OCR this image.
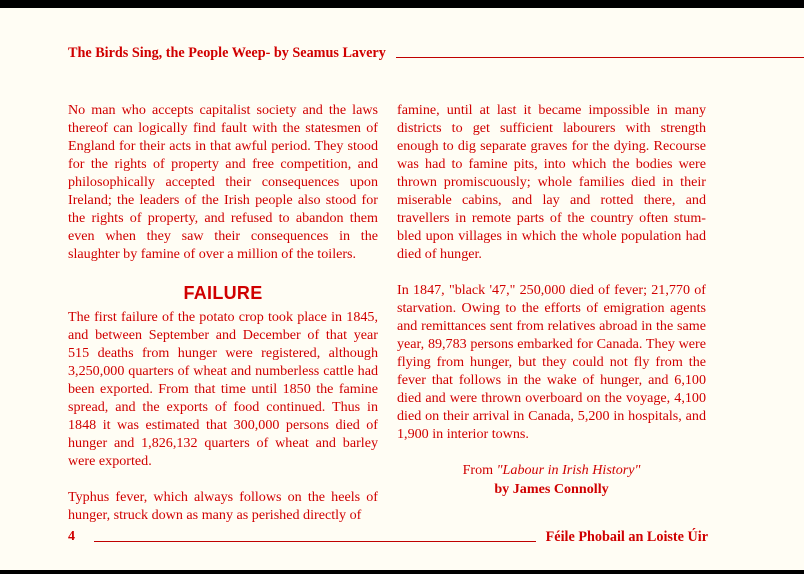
The Birds Sing, the People Weep- by Seamus Lavery

No man who accepts capitalist society and the laws thereof can logically find fault with the statesmen of England for their acts in that awful period. They stood for the rights of property and free competition, and philosophically accepted their consequences upon Ireland; the leaders of the Irish people also stood for the rights of property, and refused to abandon them even when they saw their consequences in the slaughter by famine of over a million of the toilers.

FAILURE

The first failure of the potato crop took place in 1845, and between September and December of that year 515 deaths from hunger were registered, although 3,250,000 quarters of wheat and numberless cattle had been exported. From that time until 1850 the famine spread, and the exports of food continued. Thus in 1848 it was estimated that 300,000 persons died of hunger and 1,826,132 quarters of wheat and barley were exported.

Typhus fever, which always follows on the heels of hunger, struck down as many as perished directly of

famine, until at last it became impossible in many districts to get sufficient labourers with strength enough to dig separate graves for the dying. Recourse was had to famine pits, into which the bodies were thrown promiscuously; whole families died in their miserable cabins, and lay and rotted there, and travellers in remote parts of the country often stumbled upon villages in which the whole population had died of hunger.

In 1847, "black '47," 250,000 died of fever; 21,770 of starvation. Owing to the efforts of emigration agents and remittances sent from relatives abroad in the same year, 89,783 persons embarked for Canada. They were flying from hunger, but they could not fly from the fever that follows in the wake of hunger, and 6,100 died and were thrown overboard on the voyage, 4,100 died on their arrival in Canada, 5,200 in hospitals, and 1,900 in interior towns.

From "Labour in Irish History"
by James Connolly
4	Féile Phobail an Loiste Úir
